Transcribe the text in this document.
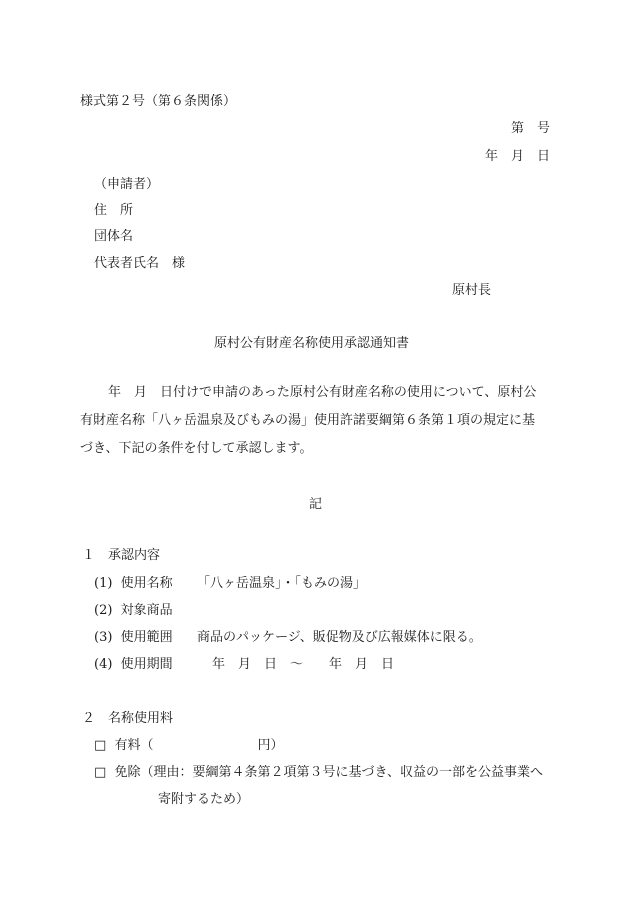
様式第２号（第６条関係）
第　号
年　月　日
（申請者）
住　所
団体名
代表者氏名　様
原村長
原村公有財産名称使用承認通知書
年　月　日付けで申請のあった原村公有財産名称の使用について、原村公
有財産名称「八ヶ岳温泉及びもみの湯」使用許諾要綱第６条第１項の規定に基
づき、下記の条件を付して承認します。
記
１　承認内容
(1)  使用名称 「八ヶ岳温泉」・「もみの湯」
(2)  対象商品
(3)  使用範囲 商品のパッケージ、販促物及び広報媒体に限る。
(4)  使用期間	年　月　日　～　　年　月　日
２　名称使用料
□  有料（　　　　　　　　円）
□  免除（理由：要綱第４条第２項第３号に基づき、収益の一部を公益事業へ
寄附するため）
